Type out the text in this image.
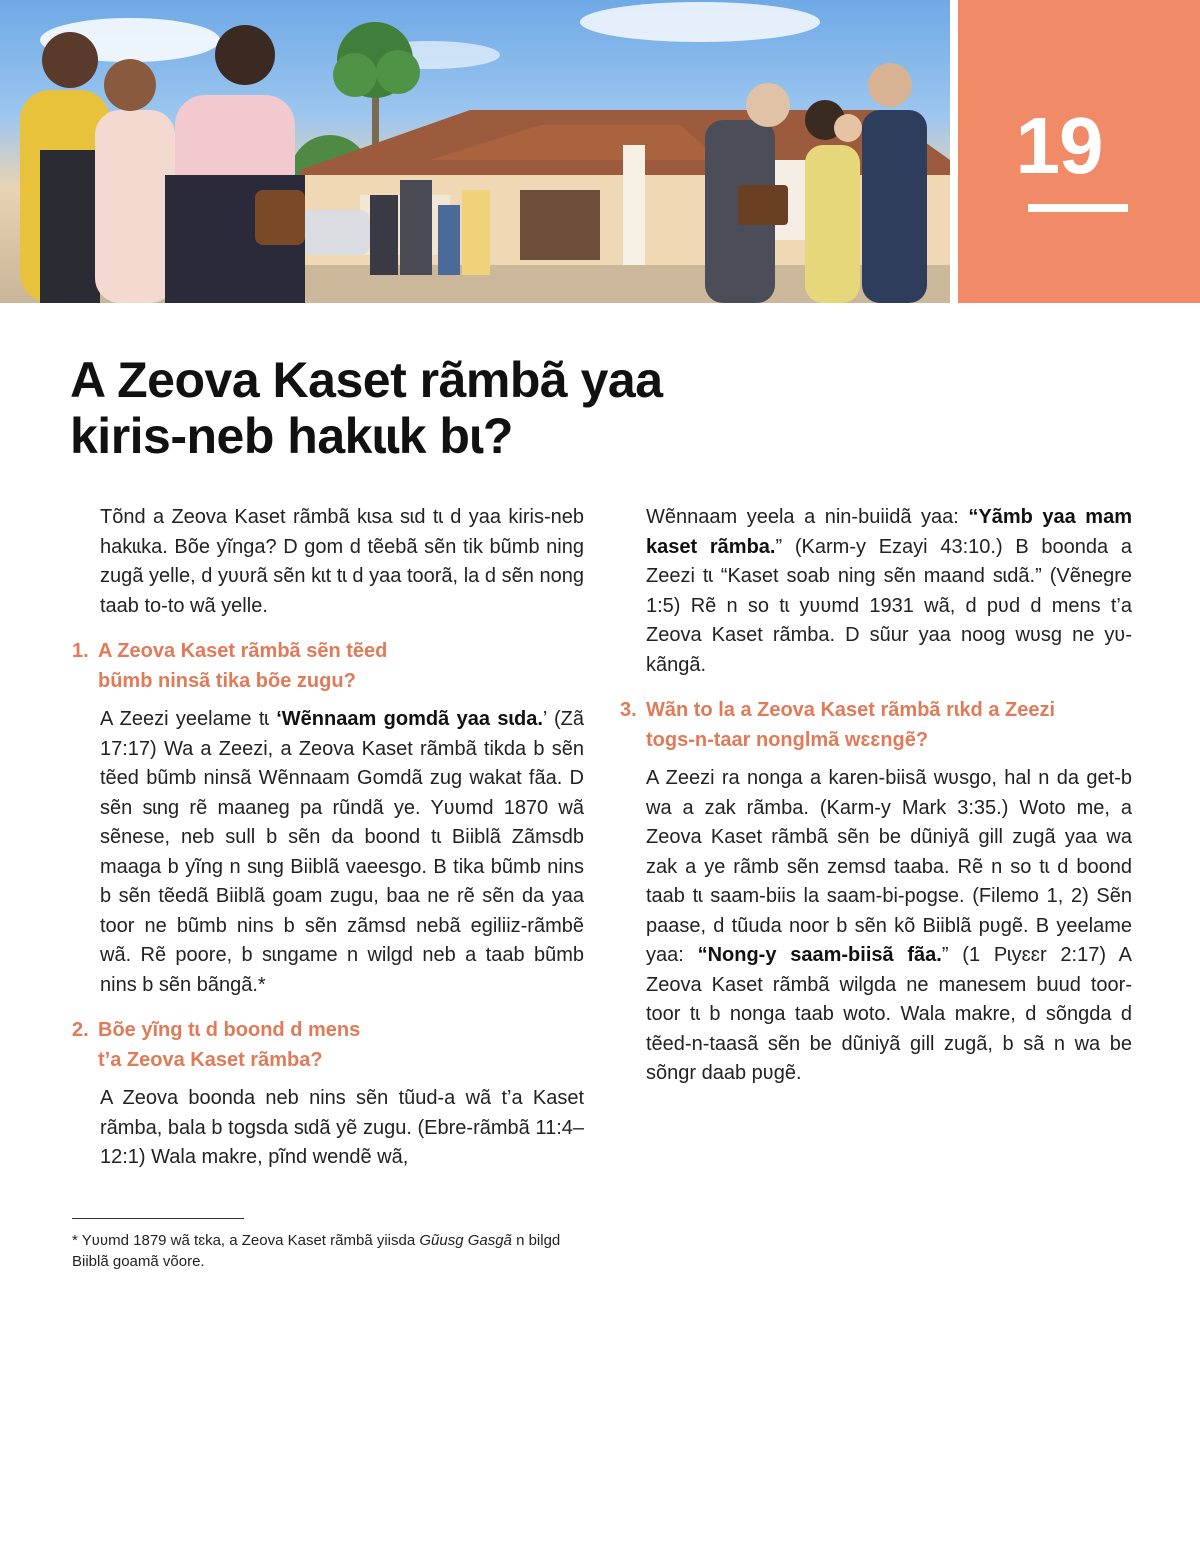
19
A Zeova Kaset rãmbã yaa
kiris-neb hakɩɩk bɩ?

Tõnd a Zeova Kaset rãmbã kɩsa sɩd tɩ d yaa kiris-neb hakɩɩka. Bõe yĩnga? D gom d tẽebã sẽn tik bũmb ning zugã yelle, d yʋʋrã sẽn kɩt tɩ d yaa toorã, la d sẽn nong taab to-to wã yelle.

1. A Zeova Kaset rãmbã sẽn tẽed
bũmb ninsã tika bõe zugu?

A Zeezi yeelame tɩ ‘Wẽnnaam gomdã yaa sɩda.’ (Zã 17:17) Wa a Zeezi, a Zeova Kaset rãmbã tikda b sẽn tẽed bũmb ninsã Wẽnnaam Gomdã zug wakat fãa. D sẽn sɩng rẽ maaneg pa rũndã ye. Yʋʋmd 1870 wã sẽnese, neb sull b sẽn da boond tɩ Biiblã Zãmsdb maaga b yĩng n sɩng Biiblã vaeesgo. B tika bũmb nins b sẽn tẽedã Biiblã goam zugu, baa ne rẽ sẽn da yaa toor ne bũmb nins b sẽn zãmsd nebã egiliiz-rãmbẽ wã. Rẽ poore, b sɩngame n wilgd neb a taab bũmb nins b sẽn bãngã.*

2. Bõe yĩng tɩ d boond d mens
t’a Zeova Kaset rãmba?

A Zeova boonda neb nins sẽn tũud-a wã t’a Kaset rãmba, bala b togsda sɩdã yẽ zugu. (Ebre-rãmbã 11:4–12:1) Wala makre, pĩnd wendẽ wã,

* Yʋʋmd 1879 wã tɛka, a Zeova Kaset rãmbã yiisda Gũusg Gasgã n bilgd Biiblã goamã võore.

Wẽnnaam yeela a nin-buiidã yaa: “Yãmb yaa mam kaset rãmba.” (Karm-y Ezayi 43:10.) B boonda a Zeezi tɩ “Kaset soab ning sẽn maand sɩdã.” (Vẽnegre 1:5) Rẽ n so tɩ yʋʋmd 1931 wã, d pʋd d mens t’a Zeova Kaset rãmba. D sũur yaa noog wʋsg ne yʋ-kãngã.

3. Wãn to la a Zeova Kaset rãmbã rɩkd a Zeezi
togs-n-taar nonglmã wɛɛngẽ?

A Zeezi ra nonga a karen-biisã wʋsgo, hal n da get-b wa a zak rãmba. (Karm-y Mark 3:35.) Woto me, a Zeova Kaset rãmbã sẽn be dũniyã gill zugã yaa wa zak a ye rãmb sẽn zemsd taaba. Rẽ n so tɩ d boond taab tɩ saam-biis la saam-bi-pogse. (Filemo 1, 2) Sẽn paase, d tũuda noor b sẽn kõ Biiblã pʋgẽ. B yeelame yaa: “Nong-y saam-biisã fãa.” (1 Pɩyɛɛr 2:17) A Zeova Kaset rãmbã wilgda ne manesem buud toor-toor tɩ b nonga taab woto. Wala makre, d sõngda d tẽed-n-taasã sẽn be dũniyã gill zugã, b sã n wa be sõngr daab pʋgẽ.
